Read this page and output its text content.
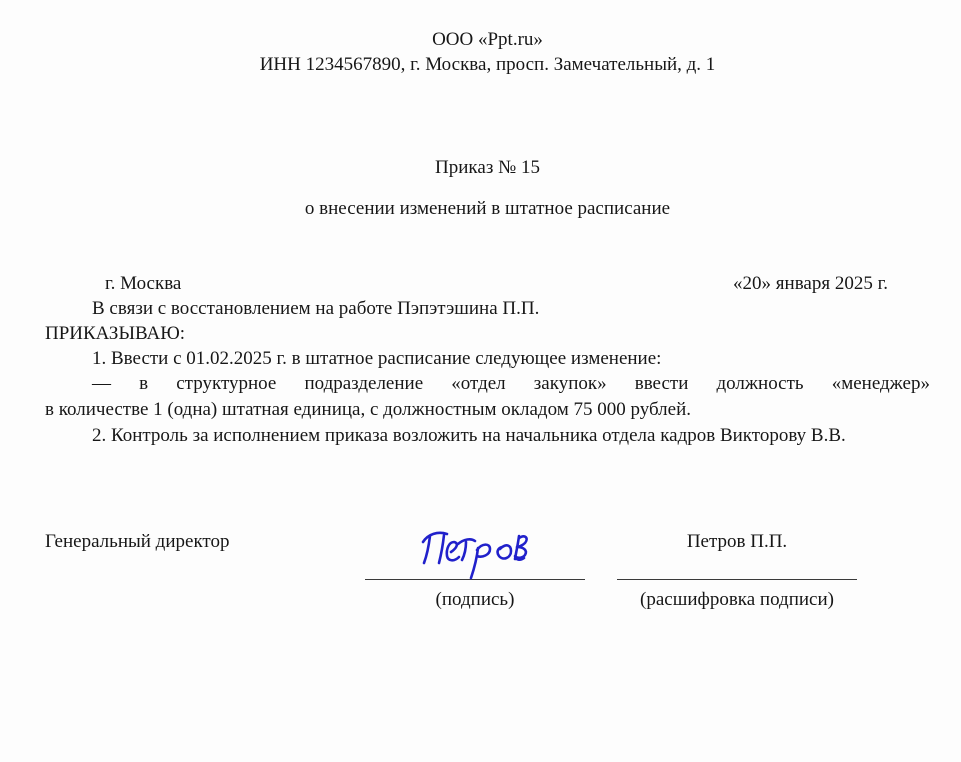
ООО «Ppt.ru»
ИНН 1234567890, г. Москва, просп. Замечательный, д. 1
Приказ № 15
о внесении изменений в штатное расписание
г. Москва	«20» января 2025 г.

В связи с восстановлением на работе Пэпэтэшина П.П.

ПРИКАЗЫВАЮ:

1. Ввести с 01.02.2025 г. в штатное расписание следующее изменение:

— в структурное подразделение «отдел закупок» ввести должность «менеджер»

в количестве 1 (одна) штатная единица, с должностным окладом 75 000 рублей.

2. Контроль за исполнением приказа возложить на начальника отдела кадров Викторову В.В.

Генеральный директор
(подпись)
Петров П.П.
(расшифровка подписи)
